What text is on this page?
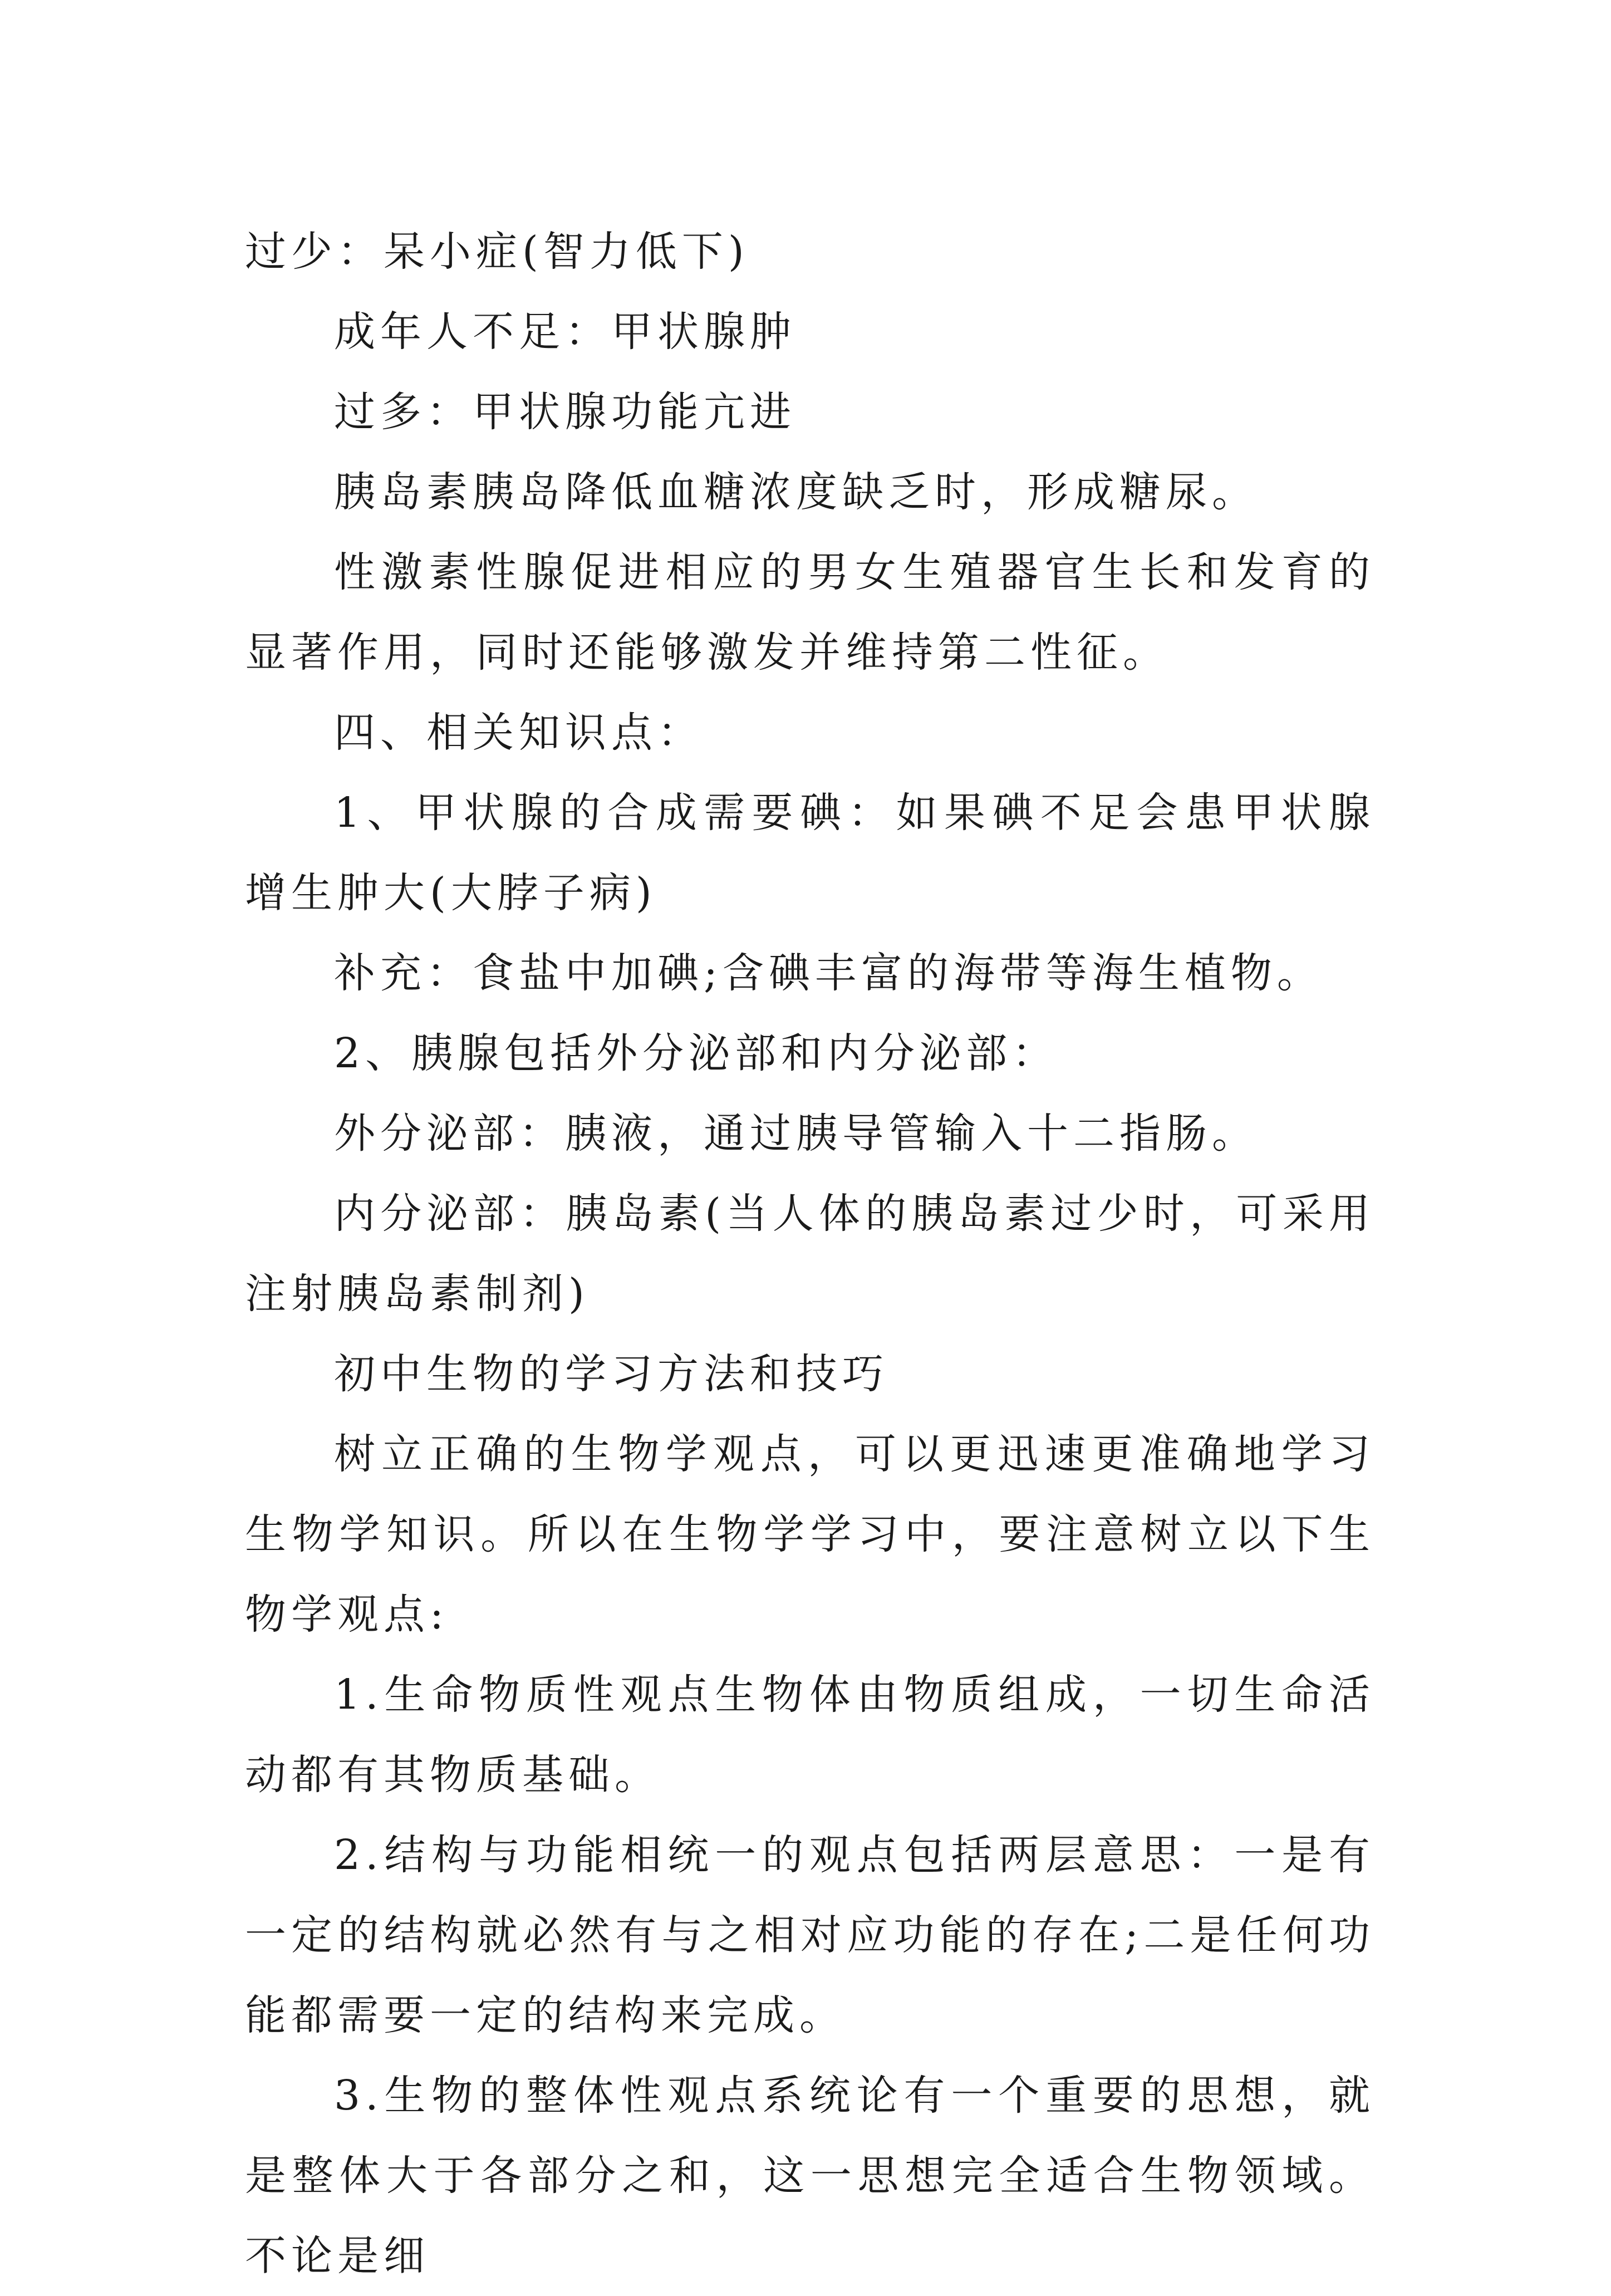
过少：呆小症(智力低下)

成年人不足：甲状腺肿

过多：甲状腺功能亢进

胰岛素胰岛降低血糖浓度缺乏时，形成糖尿。

性激素性腺促进相应的男女生殖器官生长和发育的显著作用，同时还能够激发并维持第二性征。

四、相关知识点：

1、甲状腺的合成需要碘：如果碘不足会患甲状腺增生肿大(大脖子病)

补充：食盐中加碘;含碘丰富的海带等海生植物。

2、胰腺包括外分泌部和内分泌部：

外分泌部：胰液，通过胰导管输入十二指肠。

内分泌部：胰岛素(当人体的胰岛素过少时，可采用注射胰岛素制剂)

初中生物的学习方法和技巧

树立正确的生物学观点，可以更迅速更准确地学习生物学知识。所以在生物学学习中，要注意树立以下生物学观点:

1.生命物质性观点生物体由物质组成，一切生命活动都有其物质基础。

2.结构与功能相统一的观点包括两层意思：一是有一定的结构就必然有与之相对应功能的存在;二是任何功能都需要一定的结构来完成。

3.生物的整体性观点系统论有一个重要的思想，就是整体大于各部分之和，这一思想完全适合生物领域。不论是细
